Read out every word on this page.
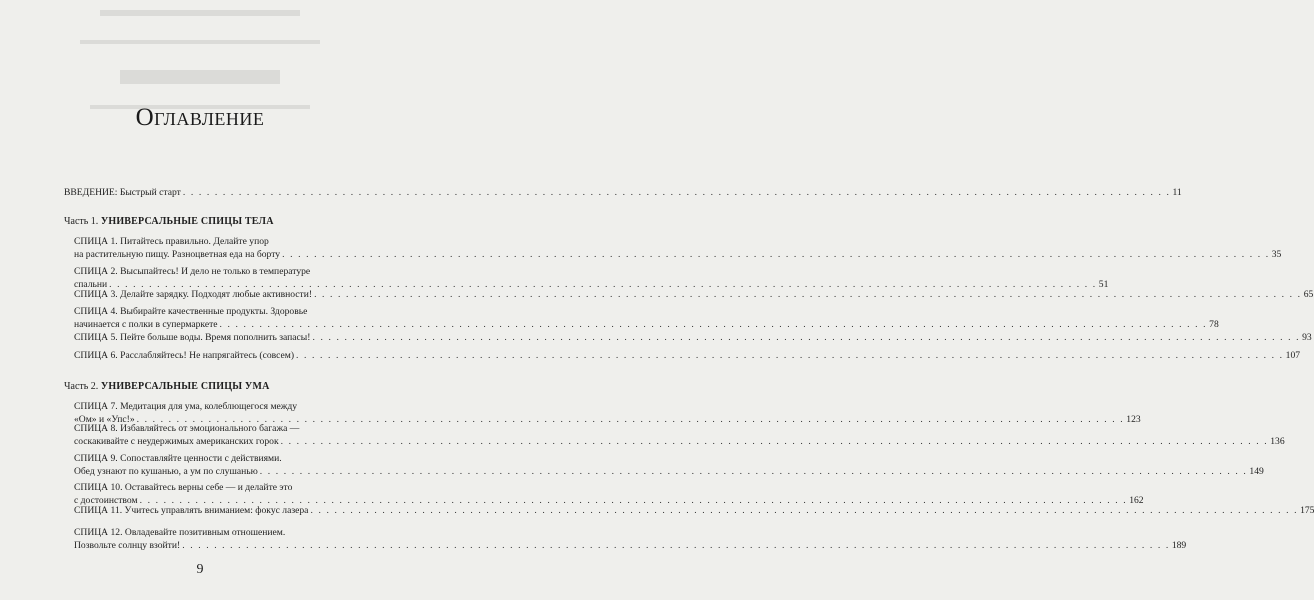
Оглавление
ВВЕДЕНИЕ: Быстрый старт . . .	11
Часть 1. УНИВЕРСАЛЬНЫЕ СПИЦЫ ТЕЛА
СПИЦА 1. Питайтесь правильно. Делайте упор
на растительную пищу. Разноцветная еда на борту . . .	35
СПИЦА 2. Высыпайтесь! И дело не только в температуре
спальни . . .	51
СПИЦА 3. Делайте зарядку. Подходят любые активности! . . .	65
СПИЦА 4. Выбирайте качественные продукты. Здоровье
начинается с полки в супермаркете . . .	78
СПИЦА 5. Пейте больше воды. Время пополнить запасы! . . .	93
СПИЦА 6. Расслабляйтесь! Не напрягайтесь (совсем) . . .	107
Часть 2. УНИВЕРСАЛЬНЫЕ СПИЦЫ УМА
СПИЦА 7. Медитация для ума, колеблющегося между
«Ом» и «Упс!» . . .	123
СПИЦА 8. Избавляйтесь от эмоционального багажа —
соскакивайте с неудержимых американских горок . . .	136
СПИЦА 9. Сопоставляйте ценности с действиями.
Обед узнают по кушанью, а ум по слушанью . . .	149
СПИЦА 10. Оставайтесь верны себе — и делайте это
с достоинством . . .	162
СПИЦА 11. Учитесь управлять вниманием: фокус лазера . . .	175
СПИЦА 12. Овладевайте позитивным отношением.
Позвольте солнцу взойти! . . .	189
9
